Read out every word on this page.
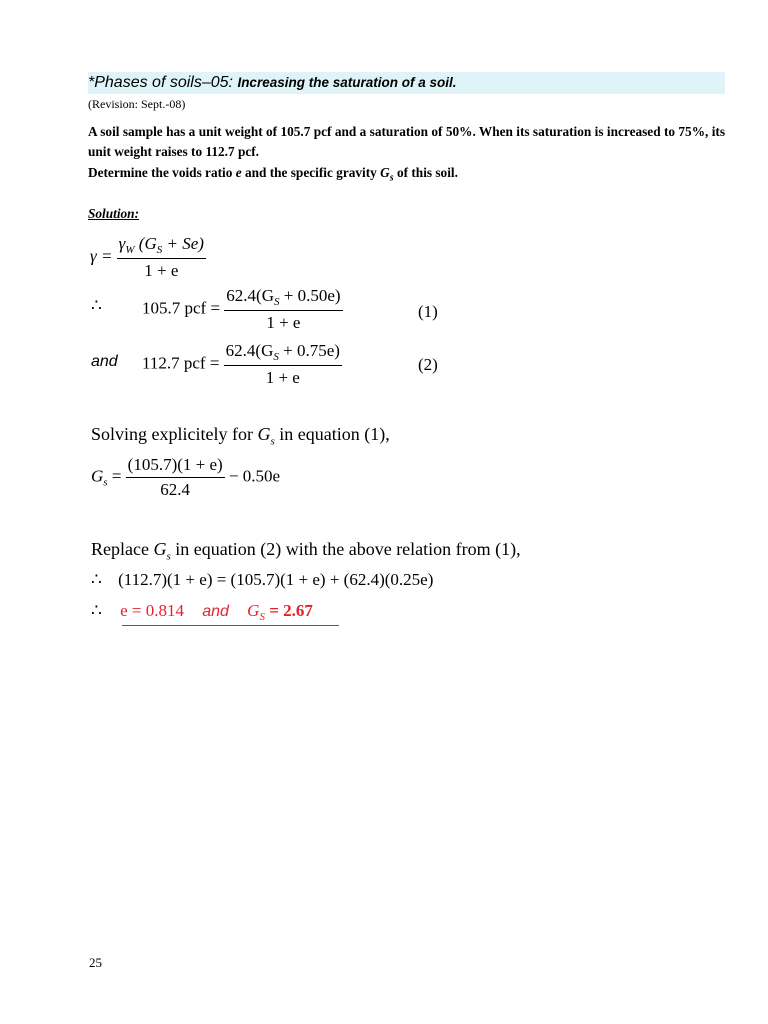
*Phases of soils–05: Increasing the saturation of a soil.
(Revision: Sept.-08)

A soil sample has a unit weight of 105.7 pcf and a saturation of 50%. When its saturation is increased to 75%, its unit weight raises to 112.7 pcf.

Determine the voids ratio e and the specific gravity $G_s$ of this soil.
Solution:
$\gamma = \frac{\gamma_W (G_S + Se)}{1 + e}$
∴ 105.7 pcf = $\frac{62.4(G_S + 0.50e)}{1 + e}$	(1)
and 112.7 pcf = $\frac{62.4(G_S + 0.75e)}{1 + e}$	(2)
Solving explicitely for $G_s$ in equation (1),
$G_s = \frac{(105.7)(1 + e)}{62.4} - 0.50e$
Replace $G_s$ in equation (2) with the above relation from (1),
∴ (112.7)(1 + e) = (105.7)(1 + e) + (62.4)(0.25e)
∴ e = 0.814 and $G_S = 2.67$
25
